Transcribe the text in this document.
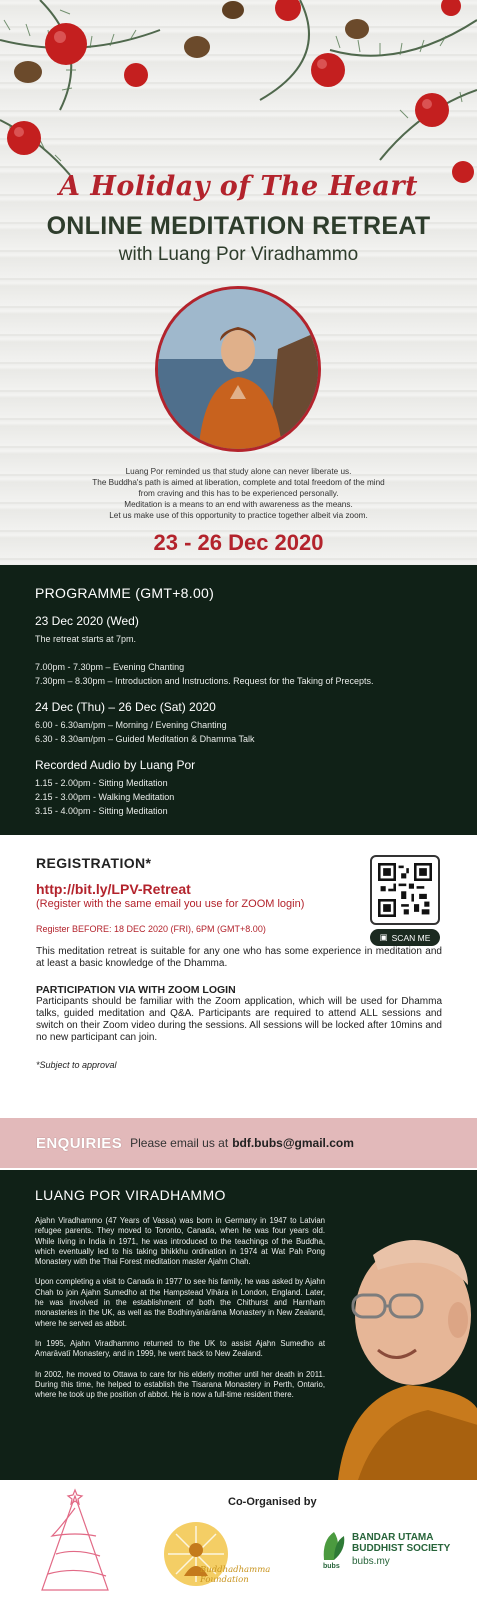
A Holiday of The Heart
ONLINE MEDITATION RETREAT
with Luang Por Viradhammo

Luang Por reminded us that study alone can never liberate us.

The Buddha's path is aimed at liberation, complete and total freedom of the mind

from craving and this has to be experienced personally.

Meditation is a means to an end with awareness as the means.

Let us make use of this opportunity to practice together albeit via zoom.

23 - 26 Dec 2020
PROGRAMME (GMT+8.00)
23 Dec 2020 (Wed)
The retreat starts at 7pm.
7.00pm - 7.30pm – Evening Chanting
7.30pm – 8.30pm – Introduction and Instructions. Request for the Taking of Precepts.
24 Dec (Thu) – 26 Dec (Sat) 2020
6.00 - 6.30am/pm – Morning / Evening Chanting
6.30 - 8.30am/pm – Guided Meditation & Dhamma Talk
Recorded Audio by Luang Por
1.15 - 2.00pm - Sitting Meditation
2.15 - 3.00pm - Walking Meditation
3.15 - 4.00pm - Sitting Meditation
REGISTRATION*
http://bit.ly/LPV-Retreat
(Register with the same email you use for ZOOM login)
Register BEFORE: 18 DEC 2020 (FRI), 6PM (GMT+8.00)
This meditation retreat is suitable for any one who has some experience in meditation and at least a basic knowledge of the Dhamma.
PARTICIPATION VIA WITH ZOOM LOGIN
Participants should be familiar with the Zoom application, which will be used for Dhamma talks, guided meditation and Q&A. Participants are required to attend ALL sessions and switch on their Zoom video during the sessions. All sessions will be locked after 10mins and no new participant can join.
*Subject to approval
▣ SCAN ME
ENQUIRIES Please email us at bdf.bubs@gmail.com
LUANG POR VIRADHAMMO

Ajahn Viradhammo (47 Years of Vassa) was born in Germany in 1947 to Latvian refugee parents. They moved to Toronto, Canada, when he was four years old. While living in India in 1971, he was introduced to the teachings of the Buddha, which eventually led to his taking bhikkhu ordination in 1974 at Wat Pah Pong Monastery with the Thai Forest meditation master Ajahn Chah.

Upon completing a visit to Canada in 1977 to see his family, he was asked by Ajahn Chah to join Ajahn Sumedho at the Hampstead Vihāra in London, England. Later, he was involved in the establishment of both the Chithurst and Harnham monasteries in the UK, as well as the Bodhinyānārāma Monastery in New Zealand, where he served as abbot.

In 1995, Ajahn Viradhammo returned to the UK to assist Ajahn Sumedho at Amarāvatī Monastery, and in 1999, he went back to New Zealand.

In 2002, he moved to Ottawa to care for his elderly mother until her death in 2011. During this time, he helped to establish the Tisarana Monastery in Perth, Ontario, where he took up the position of abbot. He is now a full-time resident there.

Co-Organised by
Buddhadhamma
Foundation
bubs
BANDAR UTAMA
BUDDHIST SOCIETY
bubs.my
